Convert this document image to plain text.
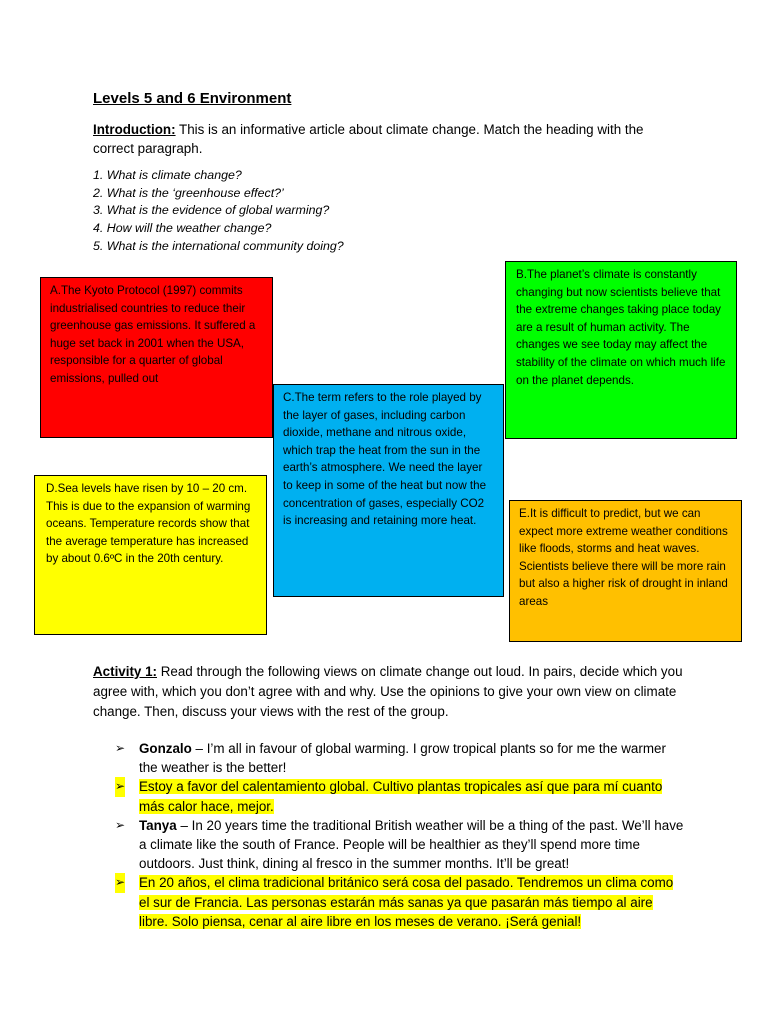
Levels 5 and 6 Environment
Introduction: This is an informative article about climate change. Match the heading with the correct paragraph.
1. What is climate change?
2. What is the ‘greenhouse effect?’
3. What is the evidence of global warming?
4. How will the weather change?
5. What is the international community doing?
A.The Kyoto Protocol (1997) commits industrialised countries to reduce their greenhouse gas emissions. It suffered a huge set back in 2001 when the USA, responsible for a quarter of global emissions, pulled out
B.The planet’s climate is constantly changing but now scientists believe that the extreme changes taking place today are a result of human activity. The changes we see today may affect the stability of the climate on which much life on the planet depends.
C.The term refers to the role played by the layer of gases, including carbon dioxide, methane and nitrous oxide, which trap the heat from the sun in the earth’s atmosphere. We need the layer to keep in some of the heat but now the concentration of gases, especially CO2 is increasing and retaining more heat.
D.Sea levels have risen by 10 – 20 cm. This is due to the expansion of warming oceans. Temperature records show that the average temperature has increased by about 0.6ºC in the 20th century.
E.It is difficult to predict, but we can expect more extreme weather conditions like floods, storms and heat waves. Scientists believe there will be more rain but also a higher risk of drought in inland areas
Activity 1: Read through the following views on climate change out loud. In pairs, decide which you agree with, which you don’t agree with and why. Use the opinions to give your own view on climate change. Then, discuss your views with the rest of the group.
➢ Gonzalo – I’m all in favour of global warming. I grow tropical plants so for me the warmer the weather is the better!
➢ Estoy a favor del calentamiento global. Cultivo plantas tropicales así que para mí cuanto más calor hace, mejor.
➢ Tanya – In 20 years time the traditional British weather will be a thing of the past. We’ll have a climate like the south of France. People will be healthier as they’ll spend more time outdoors. Just think, dining al fresco in the summer months. It’ll be great!
➢ En 20 años, el clima tradicional británico será cosa del pasado. Tendremos un clima como el sur de Francia. Las personas estarán más sanas ya que pasarán más tiempo al aire libre. Solo piensa, cenar al aire libre en los meses de verano. ¡Será genial!
